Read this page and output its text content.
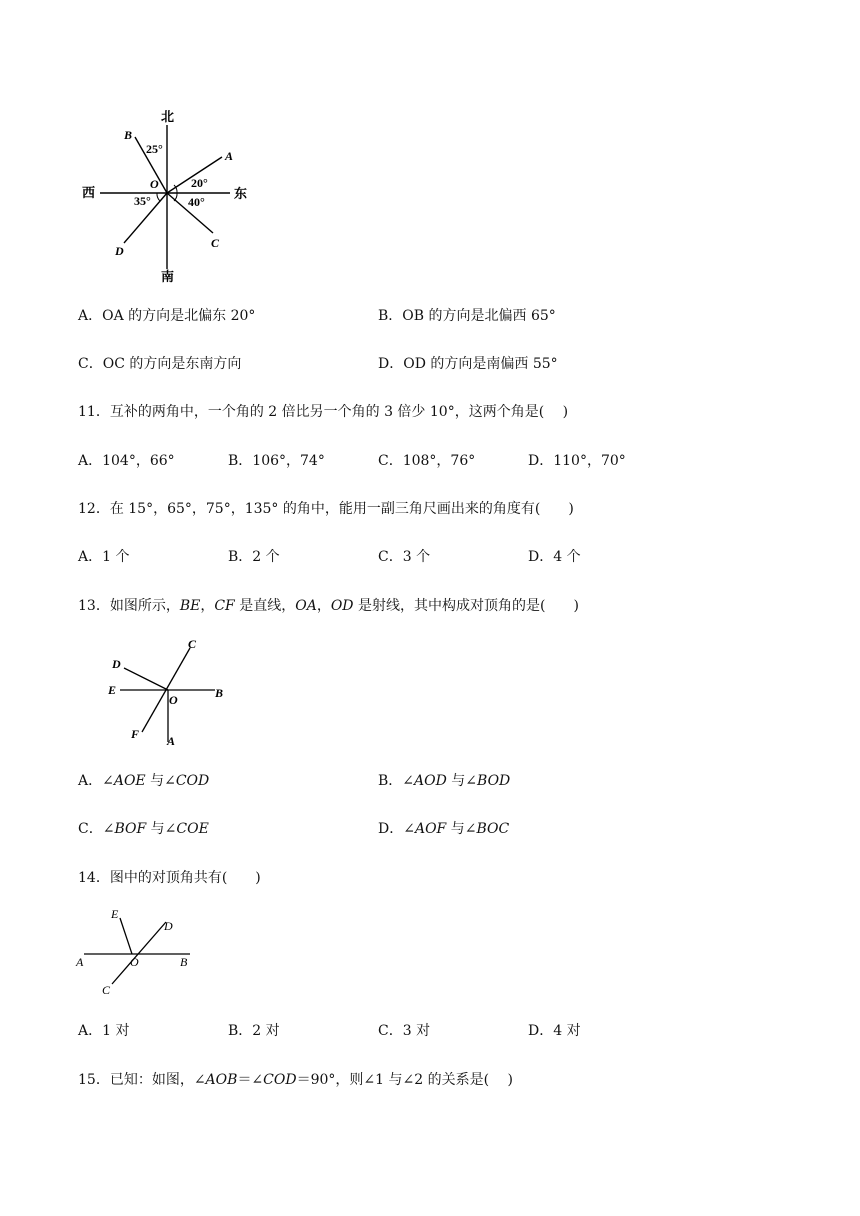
北
南
西	东
B
A
C
D
O
25°
20°
35°	40°
A．OA 的方向是北偏东 20°	B．OB 的方向是北偏西 65°
C．OC 的方向是东南方向	D．OD 的方向是南偏西 55°
11．互补的两角中，一个角的 2 倍比另一个角的 3 倍少 10°，这两个角是(　 )
A．104°，66°	B．106°，74°	C．108°，76°	D．110°，70°
12．在 15°，65°，75°，135° 的角中，能用一副三角尺画出来的角度有(　　)
A．1 个	B．2 个	C．3 个	D．4 个
13．如图所示，BE，CF 是直线，OA，OD 是射线，其中构成对顶角的是(　　)
C
D
E
O	B
F A
A．∠AOE 与∠COD	B．∠AOD 与∠BOD
C．∠BOF 与∠COE	D．∠AOF 与∠BOC
14．图中的对顶角共有(　　)
E
D
A	O	B
C
A．1 对	B．2 对	C．3 对	D．4 对
15．已知：如图，∠AOB＝∠COD＝90°，则∠1 与∠2 的关系是(　 )
